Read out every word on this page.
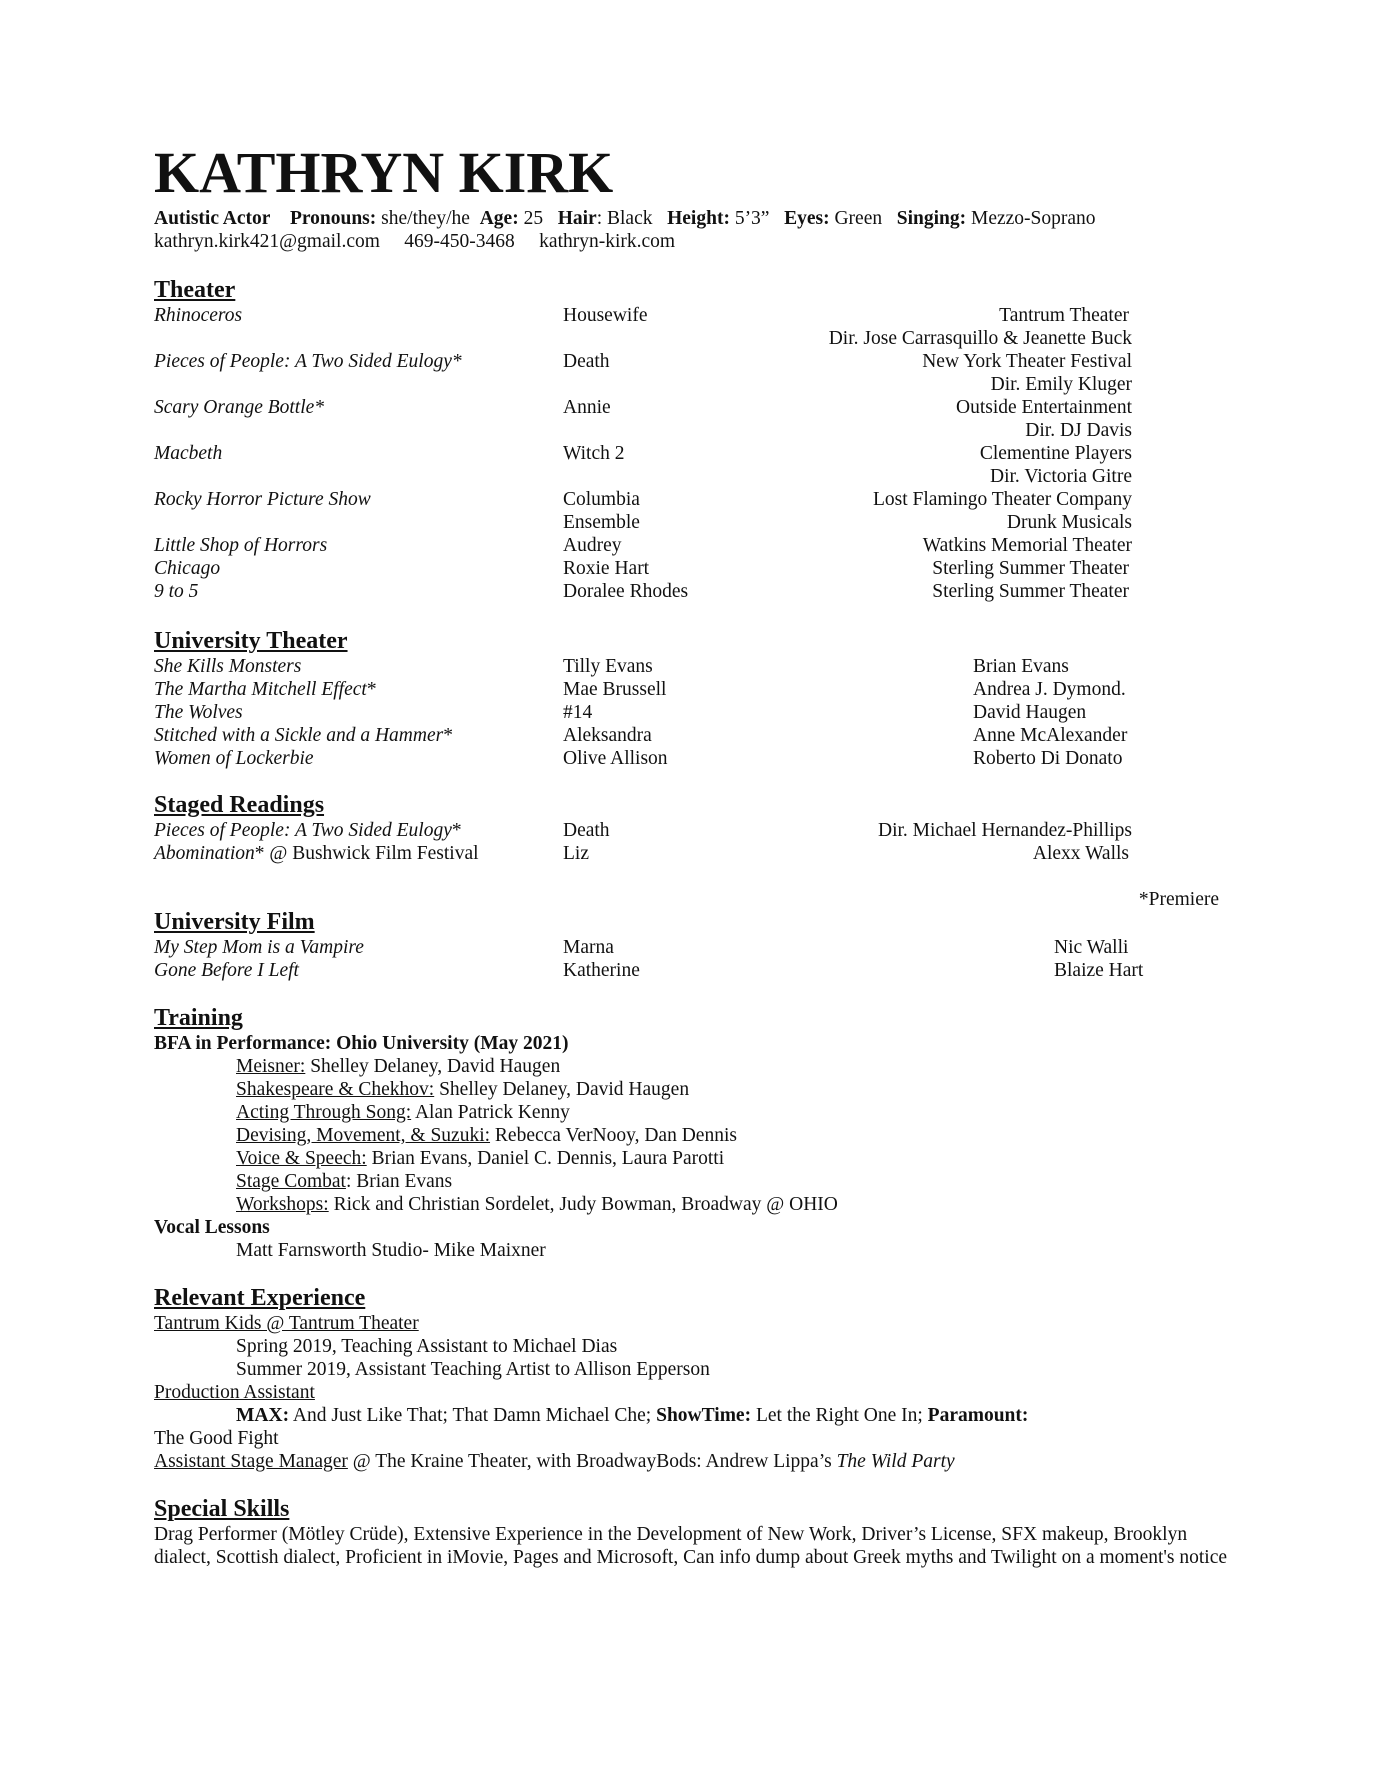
KATHRYN KIRK
Autistic Actor Pronouns: she/they/he Age: 25 Hair: Black Height: 5’3” Eyes: Green Singing: Mezzo-Soprano
kathryn.kirk421@gmail.com 469-450-3468 kathryn-kirk.com
Theater
Rhinoceros	Housewife	Tantrum Theater
Dir. Jose Carrasquillo & Jeanette Buck
Pieces of People: A Two Sided Eulogy*	Death	New York Theater Festival
Dir. Emily Kluger
Scary Orange Bottle*	Annie	Outside Entertainment
Dir. DJ Davis
Macbeth	Witch 2	Clementine Players
Dir. Victoria Gitre
Rocky Horror Picture Show	Columbia	Lost Flamingo Theater Company
Ensemble	Drunk Musicals
Little Shop of Horrors	Audrey	Watkins Memorial Theater
Chicago	Roxie Hart	Sterling Summer Theater
9 to 5	Doralee Rhodes	Sterling Summer Theater
University Theater
She Kills Monsters	Tilly Evans	Brian Evans
The Martha Mitchell Effect*	Mae Brussell	Andrea J. Dymond.
The Wolves	#14	David Haugen
Stitched with a Sickle and a Hammer*	Aleksandra	Anne McAlexander
Women of Lockerbie	Olive Allison	Roberto Di Donato
Staged Readings
Pieces of People: A Two Sided Eulogy*	Death	Dir. Michael Hernandez-Phillips
Abomination* @ Bushwick Film Festival	Liz	Alexx Walls
*Premiere
University Film
My Step Mom is a Vampire	Marna	Nic Walli
Gone Before I Left	Katherine	Blaize Hart
Training
BFA in Performance: Ohio University (May 2021)
Meisner: Shelley Delaney, David Haugen
Shakespeare & Chekhov: Shelley Delaney, David Haugen
Acting Through Song: Alan Patrick Kenny
Devising, Movement, & Suzuki: Rebecca VerNooy, Dan Dennis
Voice & Speech: Brian Evans, Daniel C. Dennis, Laura Parotti
Stage Combat: Brian Evans
Workshops: Rick and Christian Sordelet, Judy Bowman, Broadway @ OHIO
Vocal Lessons
Matt Farnsworth Studio- Mike Maixner
Relevant Experience
Tantrum Kids @ Tantrum Theater
Spring 2019, Teaching Assistant to Michael Dias
Summer 2019, Assistant Teaching Artist to Allison Epperson
Production Assistant
MAX: And Just Like That; That Damn Michael Che; ShowTime: Let the Right One In; Paramount:
The Good Fight
Assistant Stage Manager @ The Kraine Theater, with BroadwayBods: Andrew Lippa’s The Wild Party
Special Skills
Drag Performer (Mötley Crüde), Extensive Experience in the Development of New Work, Driver’s License, SFX makeup, Brooklyn dialect, Scottish dialect, Proficient in iMovie, Pages and Microsoft, Can info dump about Greek myths and Twilight on a moment's notice
